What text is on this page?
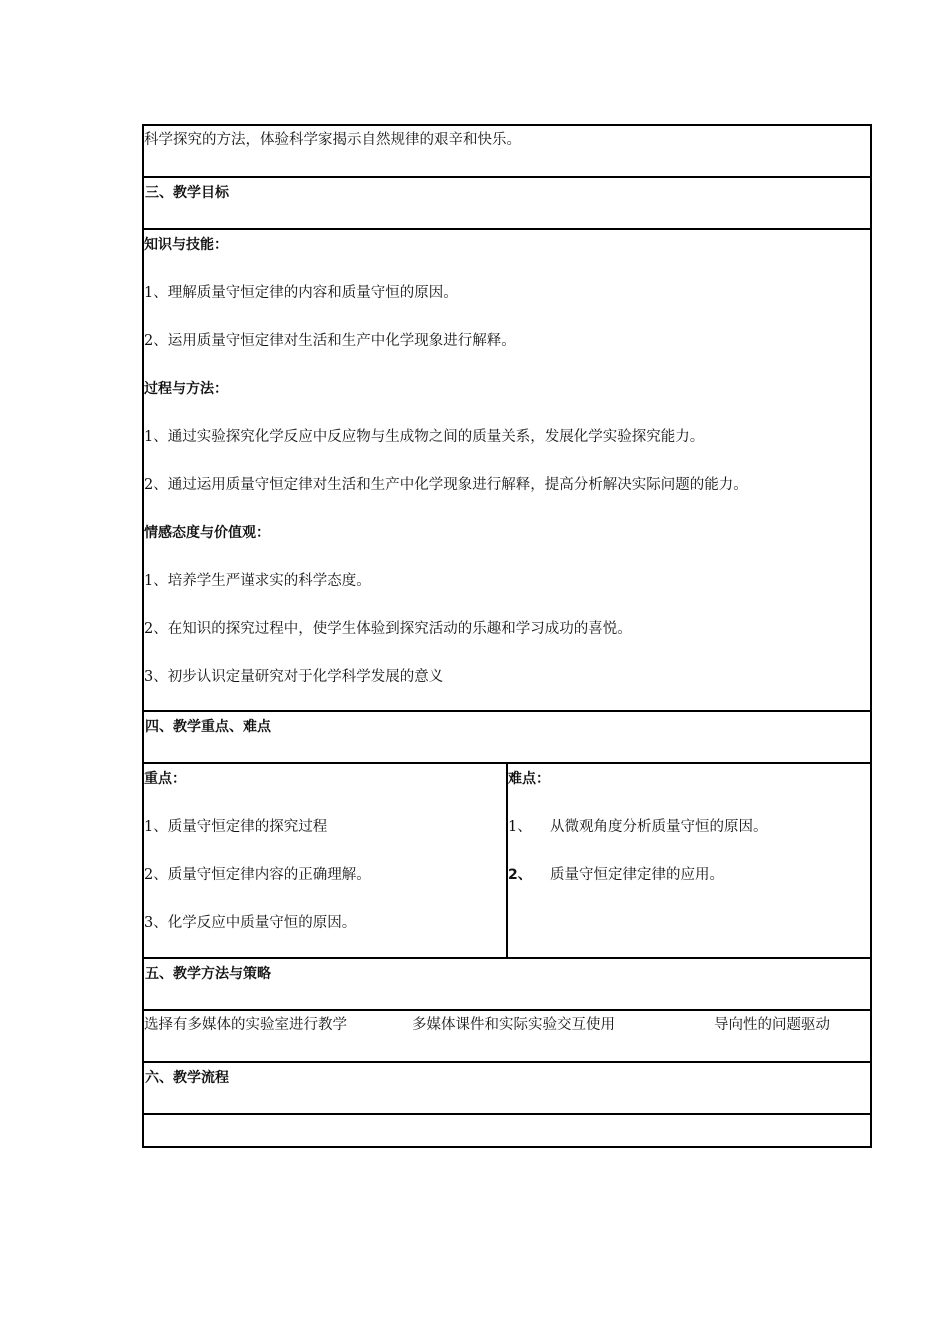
科学探究的方法，体验科学家揭示自然规律的艰辛和快乐。
三、教学目标
知识与技能：
1、理解质量守恒定律的内容和质量守恒的原因。
2、运用质量守恒定律对生活和生产中化学现象进行解释。
过程与方法：
1、通过实验探究化学反应中反应物与生成物之间的质量关系，发展化学实验探究能力。
2、通过运用质量守恒定律对生活和生产中化学现象进行解释，提高分析解决实际问题的能力。
情感态度与价值观：
1、培养学生严谨求实的科学态度。
2、在知识的探究过程中，使学生体验到探究活动的乐趣和学习成功的喜悦。
3、初步认识定量研究对于化学科学发展的意义
四、教学重点、难点
重点：
1、质量守恒定律的探究过程
2、质量守恒定律内容的正确理解。
3、化学反应中质量守恒的原因。
难点：
1、 从微观角度分析质量守恒的原因。
2、 质量守恒定律定律的应用。
五、教学方法与策略
选择有多媒体的实验室进行教学	多媒体课件和实际实验交互使用	导向性的问题驱动
六、教学流程
